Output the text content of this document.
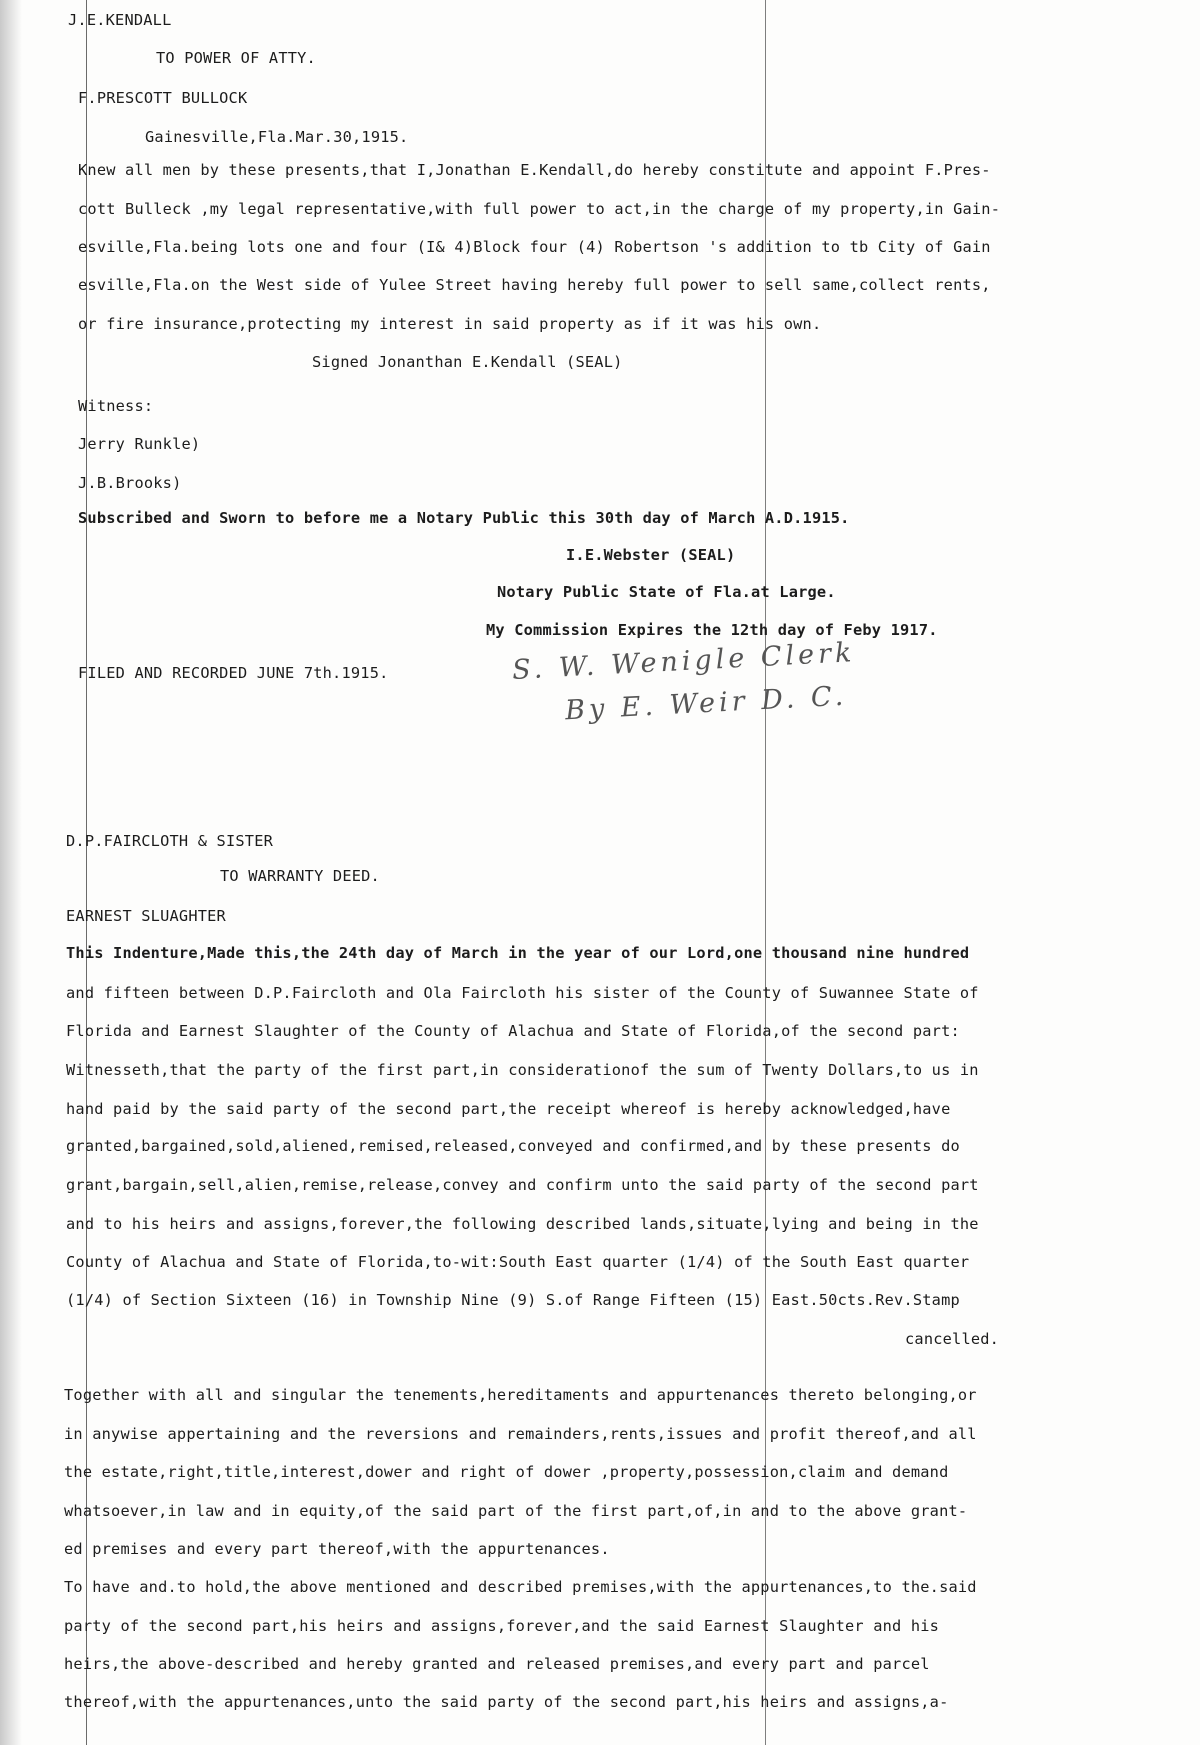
J.E.KENDALL
TO POWER OF ATTY.
F.PRESCOTT BULLOCK
Gainesville,Fla.Mar.30,1915.
Knew all men by these presents,that I,Jonathan E.Kendall,do hereby constitute and appoint F.Pres-
cott Bulleck ,my legal representative,with full power to act,in the charge of my property,in Gain-
esville,Fla.being lots one and four (I& 4)Block four (4) Robertson 's addition to tb City of Gain
esville,Fla.on the West side of Yulee Street having hereby full power to sell same,collect rents,
or fire insurance,protecting my interest in said property as if it was his own.
Signed Jonanthan E.Kendall (SEAL)
Witness:
Jerry Runkle)
J.B.Brooks)
Subscribed and Sworn to before me a Notary Public this 30th day of March A.D.1915.
I.E.Webster (SEAL)
Notary Public State of Fla.at Large.
My Commission Expires the 12th day of Feby 1917.
FILED AND RECORDED JUNE 7th.1915.	S. W. Wenigle Clerk
By E. Weir D. C.
D.P.FAIRCLOTH & SISTER
TO WARRANTY DEED.
EARNEST SLUAGHTER
This Indenture,Made this,the 24th day of March in the year of our Lord,one thousand nine hundred
and fifteen between D.P.Faircloth and Ola Faircloth his sister of the County of Suwannee State of
Florida and Earnest Slaughter of the County of Alachua and State of Florida,of the second part:
Witnesseth,that the party of the first part,in considerationof the sum of Twenty Dollars,to us in
hand paid by the said party of the second part,the receipt whereof is hereby acknowledged,have
granted,bargained,sold,aliened,remised,released,conveyed and confirmed,and by these presents do
grant,bargain,sell,alien,remise,release,convey and confirm unto the said party of the second part
and to his heirs and assigns,forever,the following described lands,situate,lying and being in the
County of Alachua and State of Florida,to-wit:South East quarter (1/4) of the South East quarter
(1/4) of Section Sixteen (16) in Township Nine (9) S.of Range Fifteen (15) East.50cts.Rev.Stamp
cancelled.
Together with all and singular the tenements,hereditaments and appurtenances thereto belonging,or
in anywise appertaining and the reversions and remainders,rents,issues and profit thereof,and all
the estate,right,title,interest,dower and right of dower ,property,possession,claim and demand
whatsoever,in law and in equity,of the said part of the first part,of,in and to the above grant-
ed premises and every part thereof,with the appurtenances.
To have and.to hold,the above mentioned and described premises,with the appurtenances,to the.said
party of the second part,his heirs and assigns,forever,and the said Earnest Slaughter and his
heirs,the above-described and hereby granted and released premises,and every part and parcel
thereof,with the appurtenances,unto the said party of the second part,his heirs and assigns,a-
